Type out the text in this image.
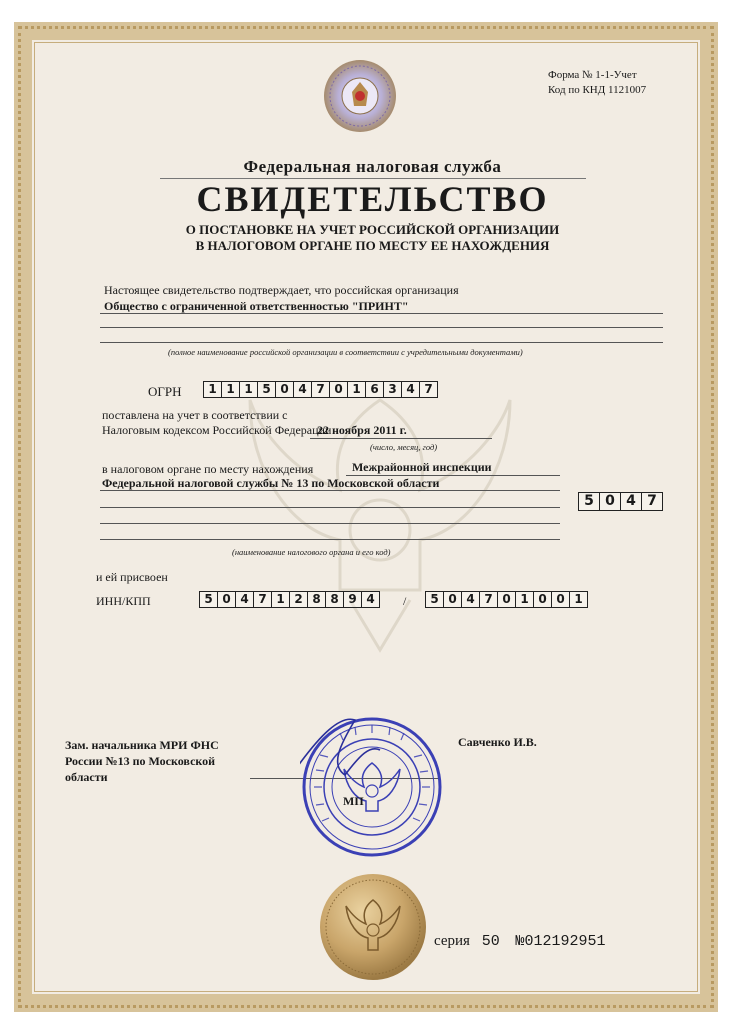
Форма № 1-1-Учет
Код по КНД 1121007
Федеральная налоговая служба
СВИДЕТЕЛЬСТВО
О ПОСТАНОВКЕ НА УЧЕТ РОССИЙСКОЙ ОРГАНИЗАЦИИ
В НАЛОГОВОМ ОРГАНЕ ПО МЕСТУ ЕЕ НАХОЖДЕНИЯ
Настоящее свидетельство подтверждает, что российская организация
Общество с ограниченной ответственностью "ПРИНТ"
(полное наименование российской организации в соответствии с учредительными документами)
ОГРН	1 1 1 5 0 4 7 0 1 6 3 4 7
поставлена на учет в соответствии с
Налоговым кодексом Российской Федерации
22 ноября 2011 г.
(число, месяц, год)
в налоговом органе по месту нахождения	Межрайонной инспекции
Федеральной налоговой службы № 13 по Московской области
5 0 4 7
(наименование налогового органа и его код)
и ей присвоен
ИНН/КПП	5 0 4 7 1 2 8 8 9 4	/	5 0 4 7 0 1 0 0 1
Зам. начальника МРИ ФНС
России №13 по Московской
области
Савченко И.В.
МП
серия 50 №012192951
